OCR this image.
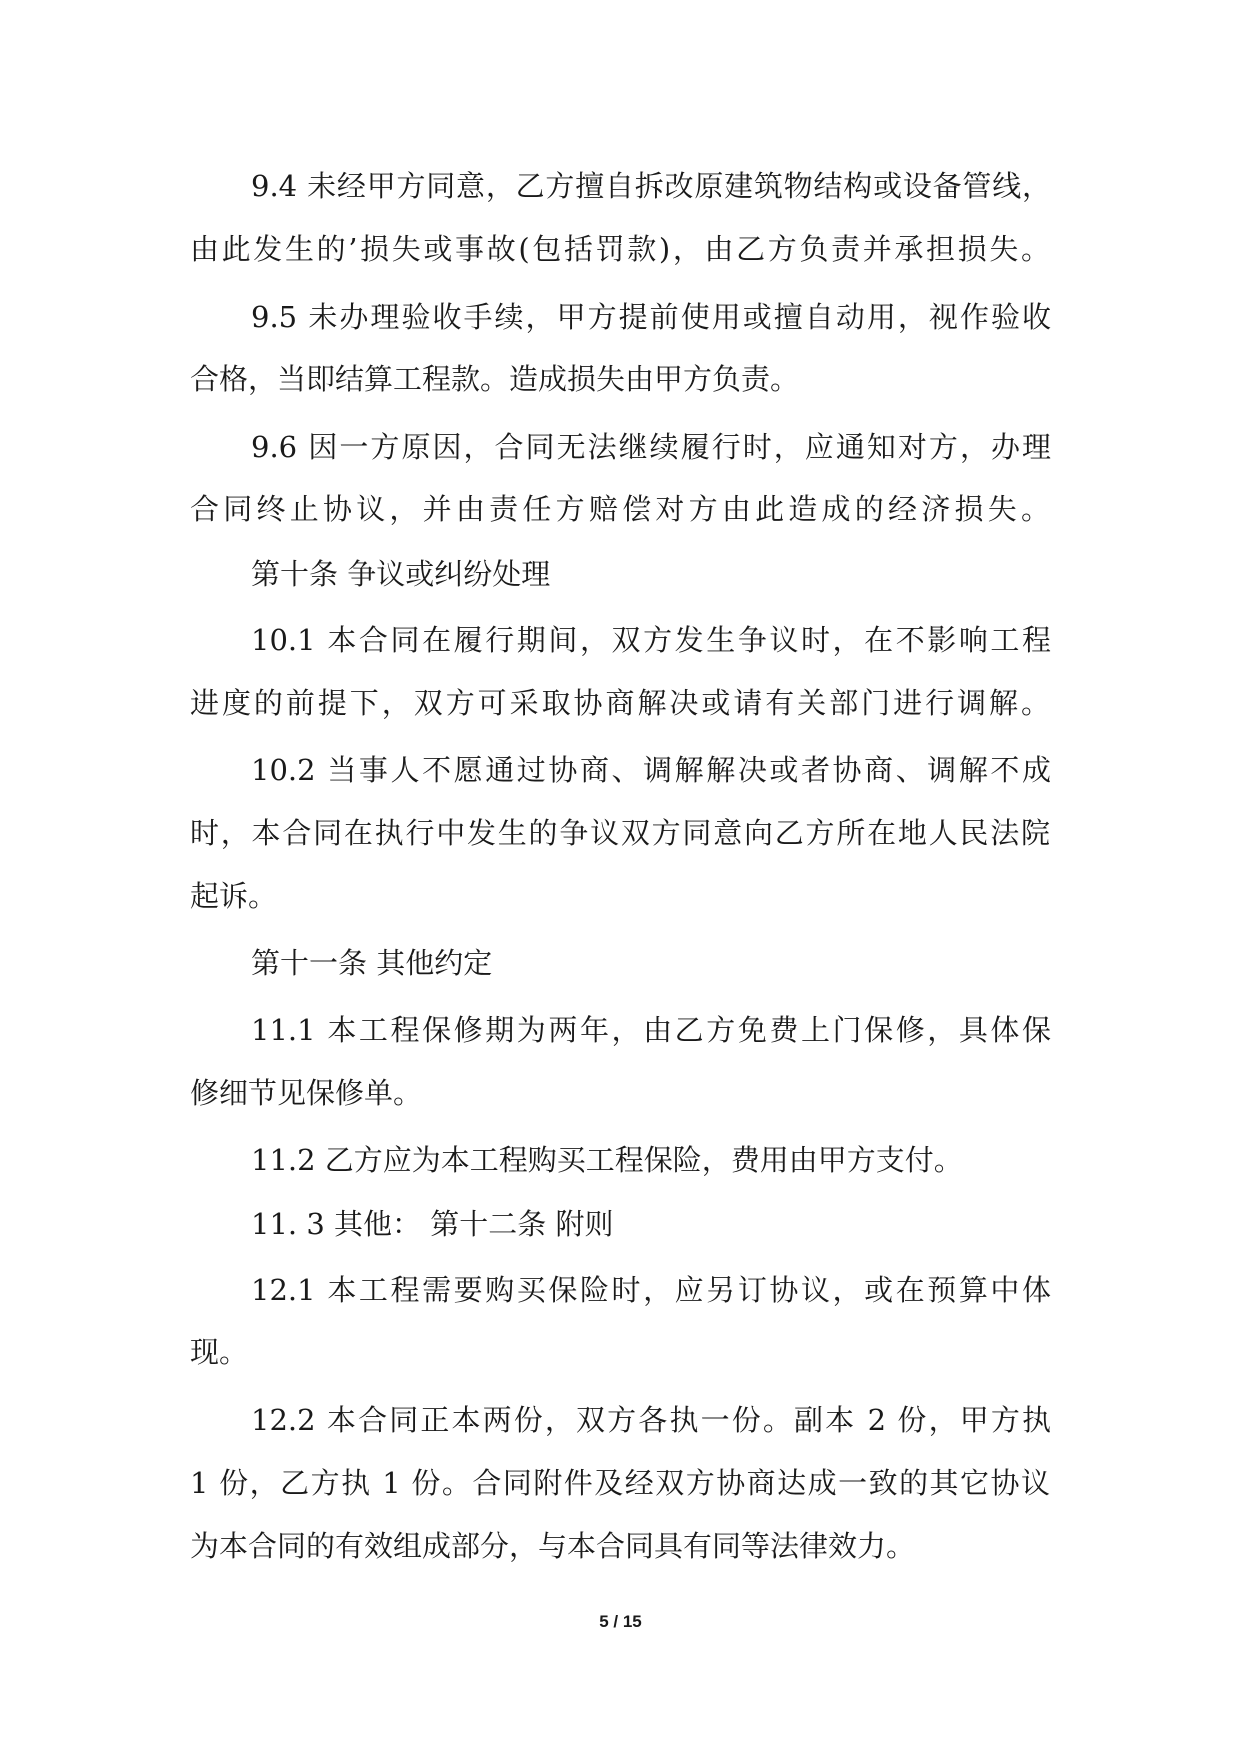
9.4 未经甲方同意，乙方擅自拆改原建筑物结构或设备管线，
由此发生的’损失或事故(包括罚款)，由乙方负责并承担损失。
9.5 未办理验收手续，甲方提前使用或擅自动用，视作验收
合格，当即结算工程款。造成损失由甲方负责。
9.6 因一方原因，合同无法继续履行时，应通知对方，办理
合同终止协议，并由责任方赔偿对方由此造成的经济损失。
第十条 争议或纠纷处理
10.1 本合同在履行期间，双方发生争议时，在不影响工程
进度的前提下，双方可采取协商解决或请有关部门进行调解。
10.2 当事人不愿通过协商、调解解决或者协商、调解不成
时，本合同在执行中发生的争议双方同意向乙方所在地人民法院
起诉。
第十一条 其他约定
11.1 本工程保修期为两年，由乙方免费上门保修，具体保
修细节见保修单。
11.2 乙方应为本工程购买工程保险，费用由甲方支付。
11. 3 其他： 第十二条 附则
12.1 本工程需要购买保险时，应另订协议，或在预算中体
现。
12.2 本合同正本两份，双方各执一份。副本 2 份，甲方执
1 份，乙方执 1 份。合同附件及经双方协商达成一致的其它协议
为本合同的有效组成部分，与本合同具有同等法律效力。
5 / 15
